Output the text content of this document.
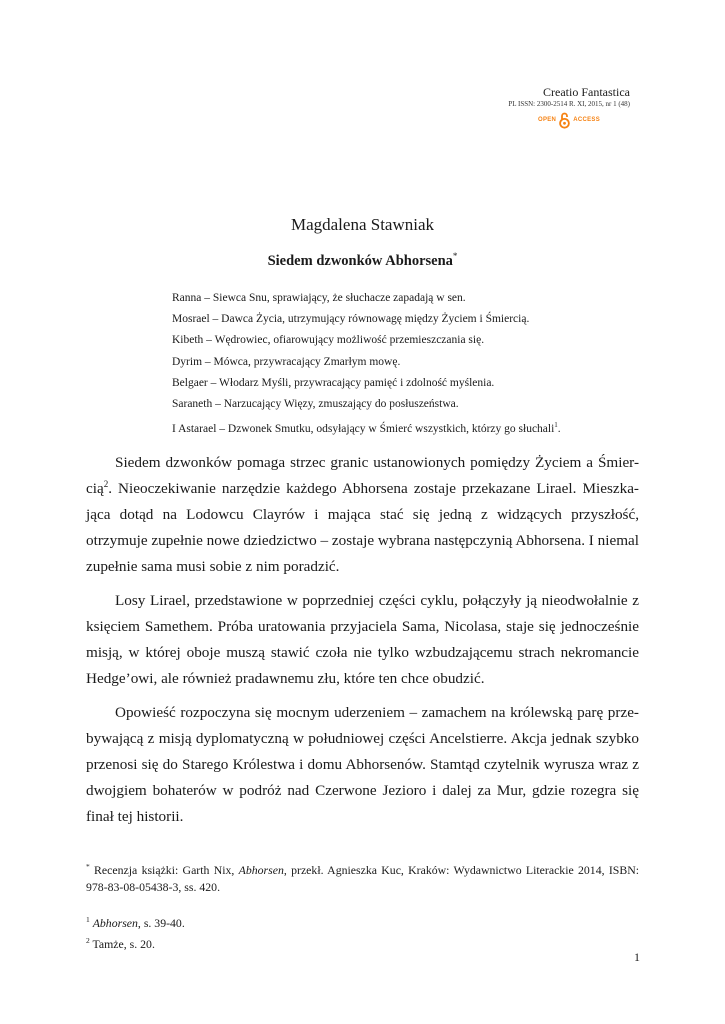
Creatio Fantastica
PL ISSN: 2300-2514 R. XI, 2015, nr 1 (48)
OPEN	ACCESS
Magdalena Stawniak
Siedem dzwonków Abhorsena*
Ranna – Siewca Snu, sprawiający, że słuchacze zapadają w sen.
Mosrael – Dawca Życia, utrzymujący równowagę między Życiem i Śmiercią.
Kibeth – Wędrowiec, ofiarowujący możliwość przemieszczania się.
Dyrim – Mówca, przywracający Zmarłym mowę.
Belgaer – Włodarz Myśli, przywracający pamięć i zdolność myślenia.
Saraneth – Narzucający Więzy, zmuszający do posłuszeństwa.
I Astarael – Dzwonek Smutku, odsyłający w Śmierć wszystkich, którzy go słuchali$^1$.

Siedem dzwonków pomaga strzec granic ustanowionych pomiędzy Życiem a Śmier-cią$^2$. Nieoczekiwanie narzędzie każdego Abhorsena zostaje przekazane Lirael. Mieszka-jąca dotąd na Lodowcu Clayrów i mająca stać się jedną z widzących przyszłość, otrzymuje zupełnie nowe dziedzictwo – zostaje wybrana następczynią Abhorsena. I niemal zupełnie sama musi sobie z nim poradzić.

Losy Lirael, przedstawione w poprzedniej części cyklu, połączyły ją nieodwołalnie z księciem Samethem. Próba uratowania przyjaciela Sama, Nicolasa, staje się jednocześnie misją, w której oboje muszą stawić czoła nie tylko wzbudzającemu strach nekromancie Hedge’owi, ale również pradawnemu złu, które ten chce obudzić.

Opowieść rozpoczyna się mocnym uderzeniem – zamachem na królewską parę prze-bywającą z misją dyplomatyczną w południowej części Ancelstierre. Akcja jednak szybko przenosi się do Starego Królestwa i domu Abhorsenów. Stamtąd czytelnik wyrusza wraz z dwojgiem bohaterów w podróż nad Czerwone Jezioro i dalej za Mur, gdzie rozegra się finał tej historii.

* Recenzja książki: Garth Nix, Abhorsen, przekł. Agnieszka Kuc, Kraków: Wydawnictwo Literackie 2014, ISBN: 978-83-08-05438-3, ss. 420.

$^1$ Abhorsen, s. 39-40.

$^2$ Tamże, s. 20.

1
